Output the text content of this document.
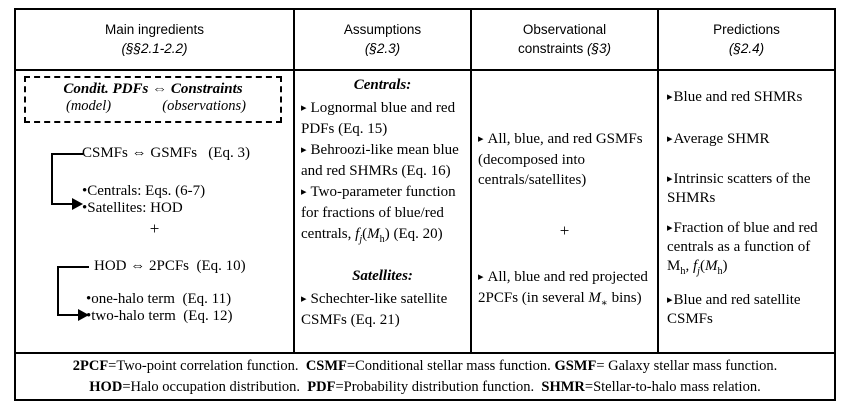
Main ingredients
(§§2.1-2.2)
Assumptions
(§2.3)
Observational
constraints (§3)
Predictions
(§2.4)
Condit. PDFs ⇔ Constraints
(model)	(observations)
CSMFs ⇔ GSMFs   (Eq. 3)
•Centrals: Eqs. (6-7)
•Satellites: HOD
+
HOD ⇔ 2PCFs  (Eq. 10)
•one-halo term  (Eq. 11)
•two-halo term  (Eq. 12)
Centrals:

▸ Lognormal blue and red PDFs (Eq. 15)

▸ Behroozi-like mean blue and red SHMRs (Eq. 16)

▸ Two-parameter function for fractions of blue/red centrals, $f_j(M_h)$ (Eq. 20)

Satellites:

▸ Schechter-like satellite CSMFs (Eq. 21)

▸ All, blue, and red GSMFs (decomposed into centrals/satellites)
+
▸ All, blue and red projected 2PCFs (in several $M_∗$ bins)
▸Blue and red SHMRs
▸Average SHMR
▸Intrinsic scatters of the SHMRs
▸Fraction of blue and red centrals as a function of $M_h$, $f_j(M_h)$
▸Blue and red satellite CSMFs
2PCF=Two-point correlation function.  CSMF=Conditional stellar mass function. GSMF= Galaxy stellar mass function.
HOD=Halo occupation distribution.  PDF=Probability distribution function.  SHMR=Stellar-to-halo mass relation.
